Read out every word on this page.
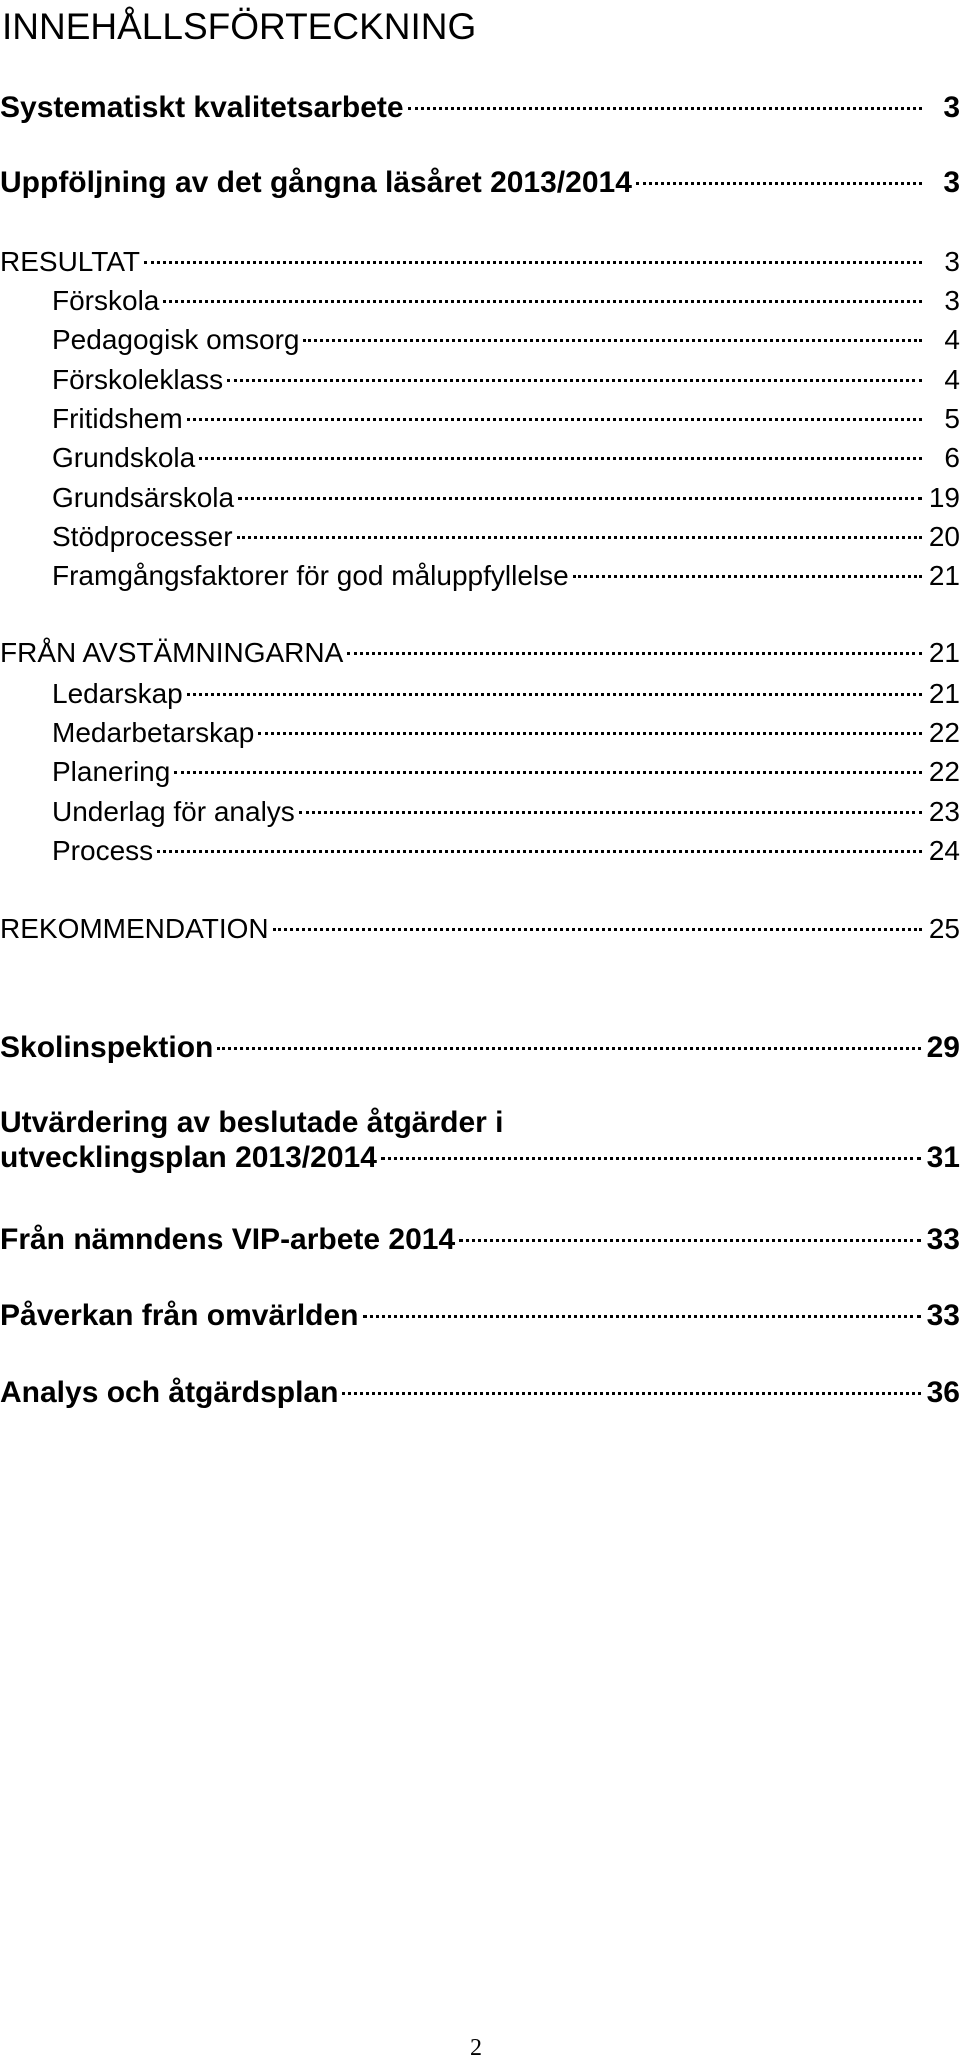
INNEHÅLLSFÖRTECKNING
Systematiskt kvalitetsarbete	3
Uppföljning av det gångna läsåret 2013/2014	3
RESULTAT	3
Förskola	3
Pedagogisk omsorg	4
Förskoleklass	4
Fritidshem	5
Grundskola	6
Grundsärskola	19
Stödprocesser	20
Framgångsfaktorer för god måluppfyllelse	21
FRÅN AVSTÄMNINGARNA	21
Ledarskap	21
Medarbetarskap	22
Planering	22
Underlag för analys	23
Process	24
REKOMMENDATION	25
Skolinspektion	29
Utvärdering av beslutade åtgärder i
utvecklingsplan 2013/2014	31
Från nämndens VIP-arbete 2014	33
Påverkan från omvärlden	33
Analys och åtgärdsplan	36
2
